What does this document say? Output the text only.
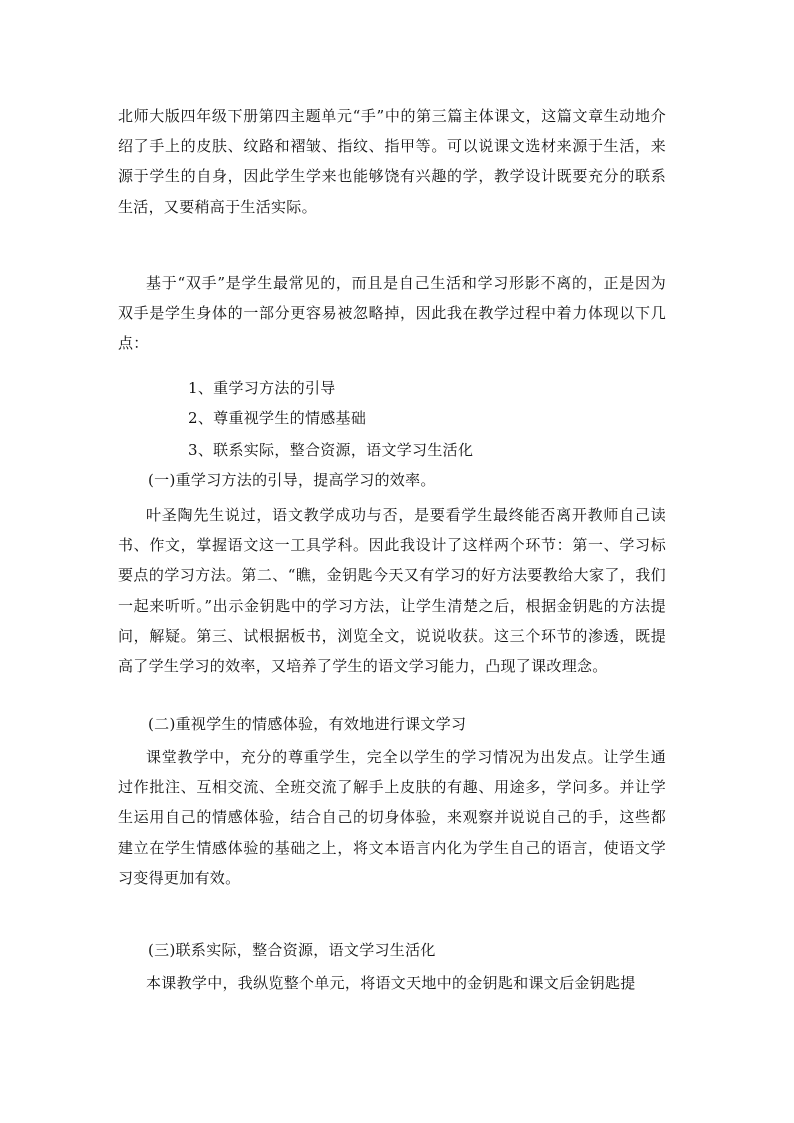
北师大版四年级下册第四主题单元“手”中的第三篇主体课文，这篇文章生动地介绍了手上的皮肤、纹路和褶皱、指纹、指甲等。可以说课文选材来源于生活，来源于学生的自身，因此学生学来也能够饶有兴趣的学，教学设计既要充分的联系生活，又要稍高于生活实际。

基于“双手”是学生最常见的，而且是自己生活和学习形影不离的，正是因为双手是学生身体的一部分更容易被忽略掉，因此我在教学过程中着力体现以下几点：

1、重学习方法的引导

2、尊重视学生的情感基础

3、联系实际，整合资源，语文学习生活化

(一)重学习方法的引导，提高学习的效率。

叶圣陶先生说过，语文教学成功与否，是要看学生最终能否离开教师自己读书、作文，掌握语文这一工具学科。因此我设计了这样两个环节：第一、学习标要点的学习方法。第二、“瞧，金钥匙今天又有学习的好方法要教给大家了，我们一起来听听。”出示金钥匙中的学习方法，让学生清楚之后，根据金钥匙的方法提问，解疑。第三、试根据板书，浏览全文，说说收获。这三个环节的渗透，既提高了学生学习的效率，又培养了学生的语文学习能力，凸现了课改理念。

(二)重视学生的情感体验，有效地进行课文学习

课堂教学中，充分的尊重学生，完全以学生的学习情况为出发点。让学生通过作批注、互相交流、全班交流了解手上皮肤的有趣、用途多，学问多。并让学生运用自己的情感体验，结合自己的切身体验，来观察并说说自己的手，这些都建立在学生情感体验的基础之上，将文本语言内化为学生自己的语言，使语文学习变得更加有效。

(三)联系实际，整合资源，语文学习生活化

本课教学中，我纵览整个单元，将语文天地中的金钥匙和课文后金钥匙提
